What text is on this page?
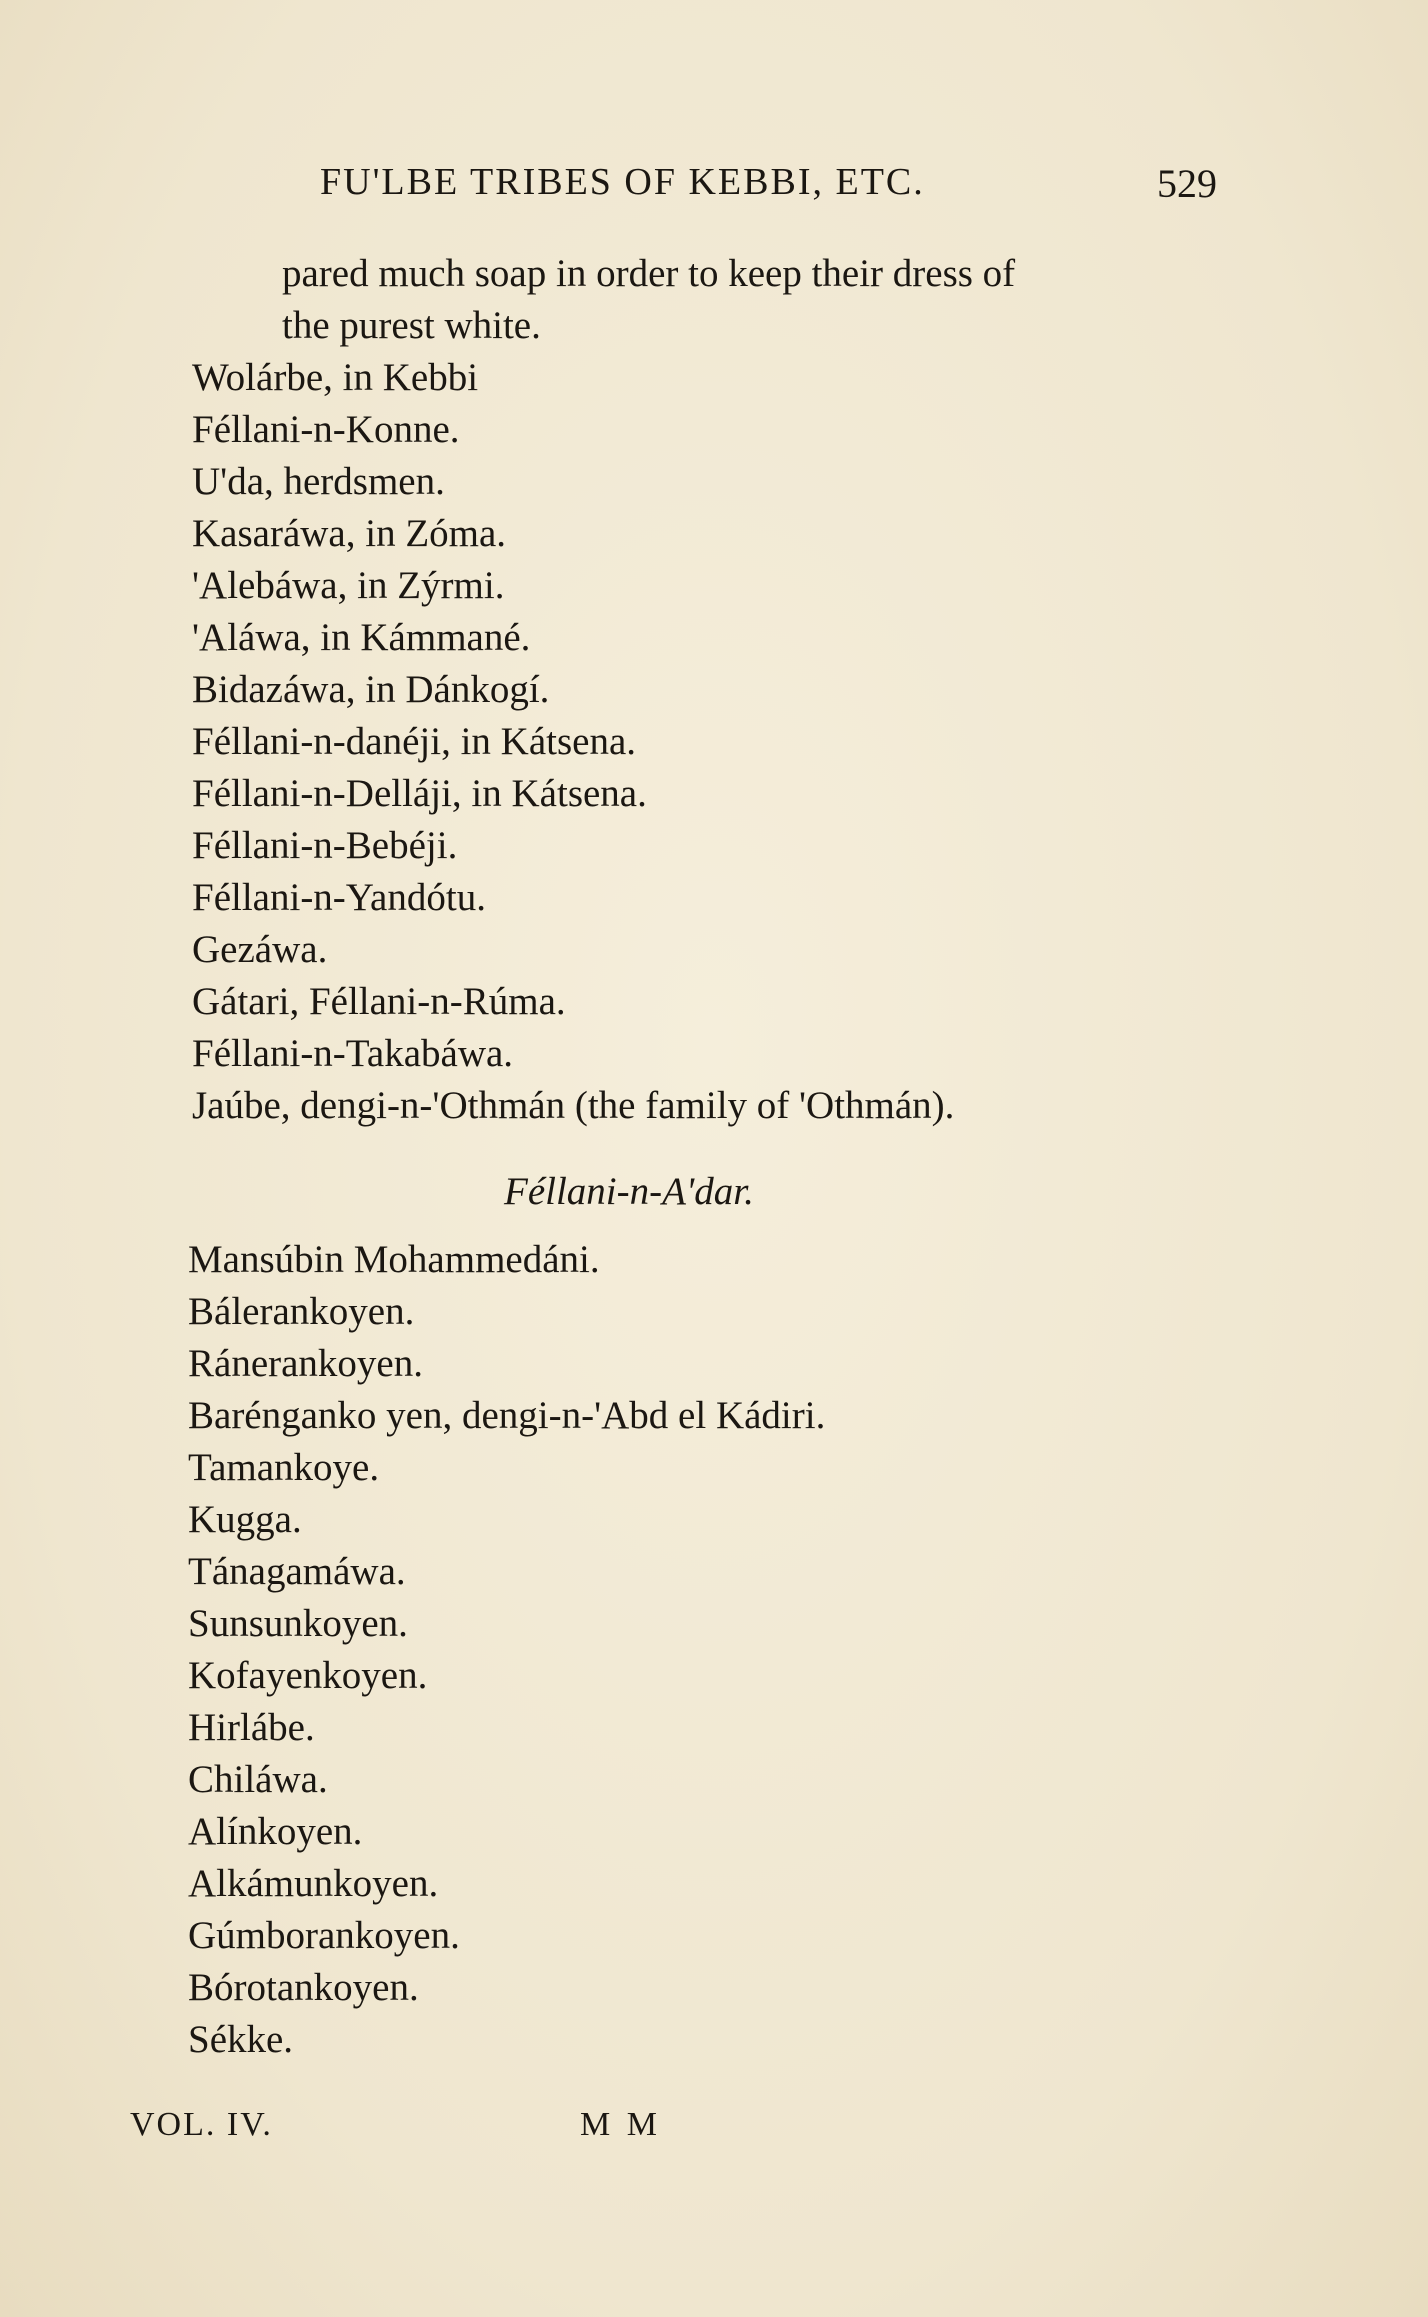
FU'LBE TRIBES OF KEBBI, ETC.	529
pared much soap in order to keep their dress of
the purest white.
Wolárbe, in Kebbi
Féllani-n-Konne.
U'da, herdsmen.
Kasaráwa, in Zóma.
'Alebáwa, in Zýrmi.
'Aláwa, in Kámmané.
Bidazáwa, in Dánkogí.
Féllani-n-danéji, in Kátsena.
Féllani-n-Delláji, in Kátsena.
Féllani-n-Bebéji.
Féllani-n-Yandótu.
Gezáwa.
Gátari, Féllani-n-Rúma.
Féllani-n-Takabáwa.
Jaúbe, dengi-n-'Othmán (the family of 'Othmán).
Féllani-n-A'dar.
Mansúbin Mohammedáni.
Bálerankoyen.
Ránerankoyen.
Barénganko yen, dengi-n-'Abd el Kádiri.
Tamankoye.
Kugga.
Tánagamáwa.
Sunsunkoyen.
Kofayenkoyen.
Hirlábe.
Chiláwa.
Alínkoyen.
Alkámunkoyen.
Gúmborankoyen.
Bórotankoyen.
Sékke.
VOL. IV.	M M
